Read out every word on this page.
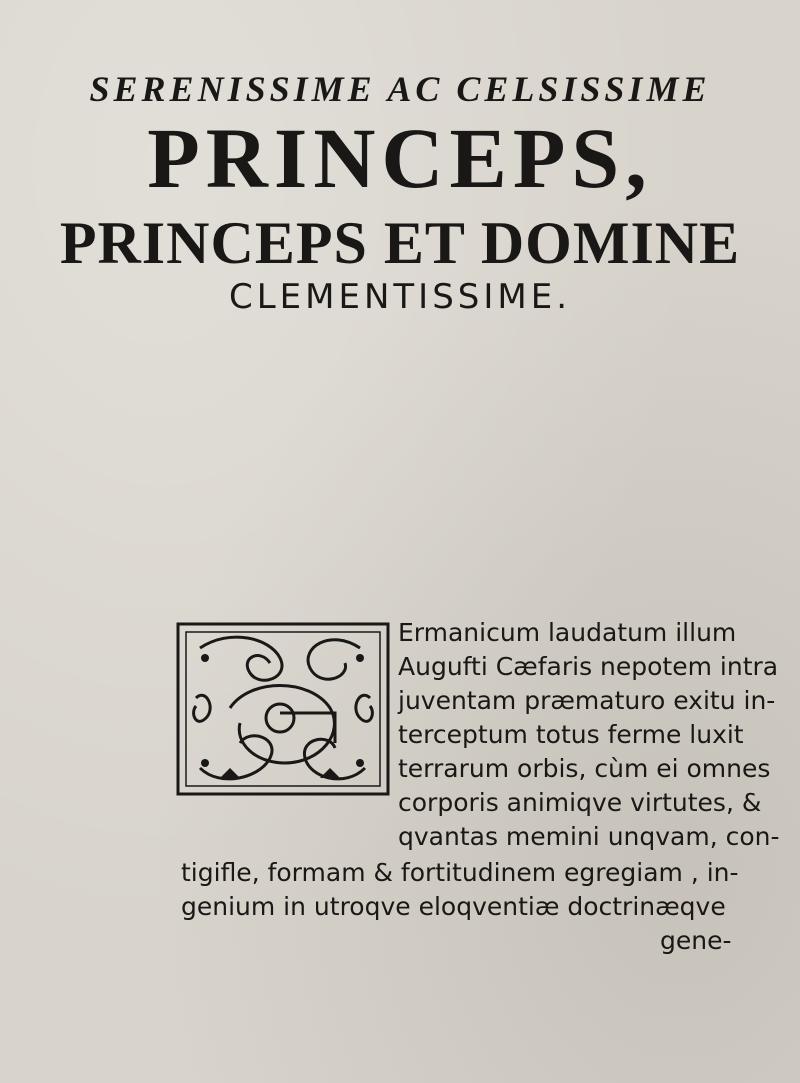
SERENISSIME AC CELSISSIME
PRINCEPS,
PRINCEPS ET DOMINE
CLEMENTISSIME.
Ermanicum laudatum illum
Augufti Cæfaris nepotem intra
juventam præmaturo exitu in-
terceptum totus ferme luxit
terrarum orbis, cùm ei omnes
corporis animiqve virtutes, &
qvantas memini unqvam, con-
tigifle, formam & fortitudinem egregiam , in-
genium in utroqve eloqventiæ doctrinæqve
gene-
